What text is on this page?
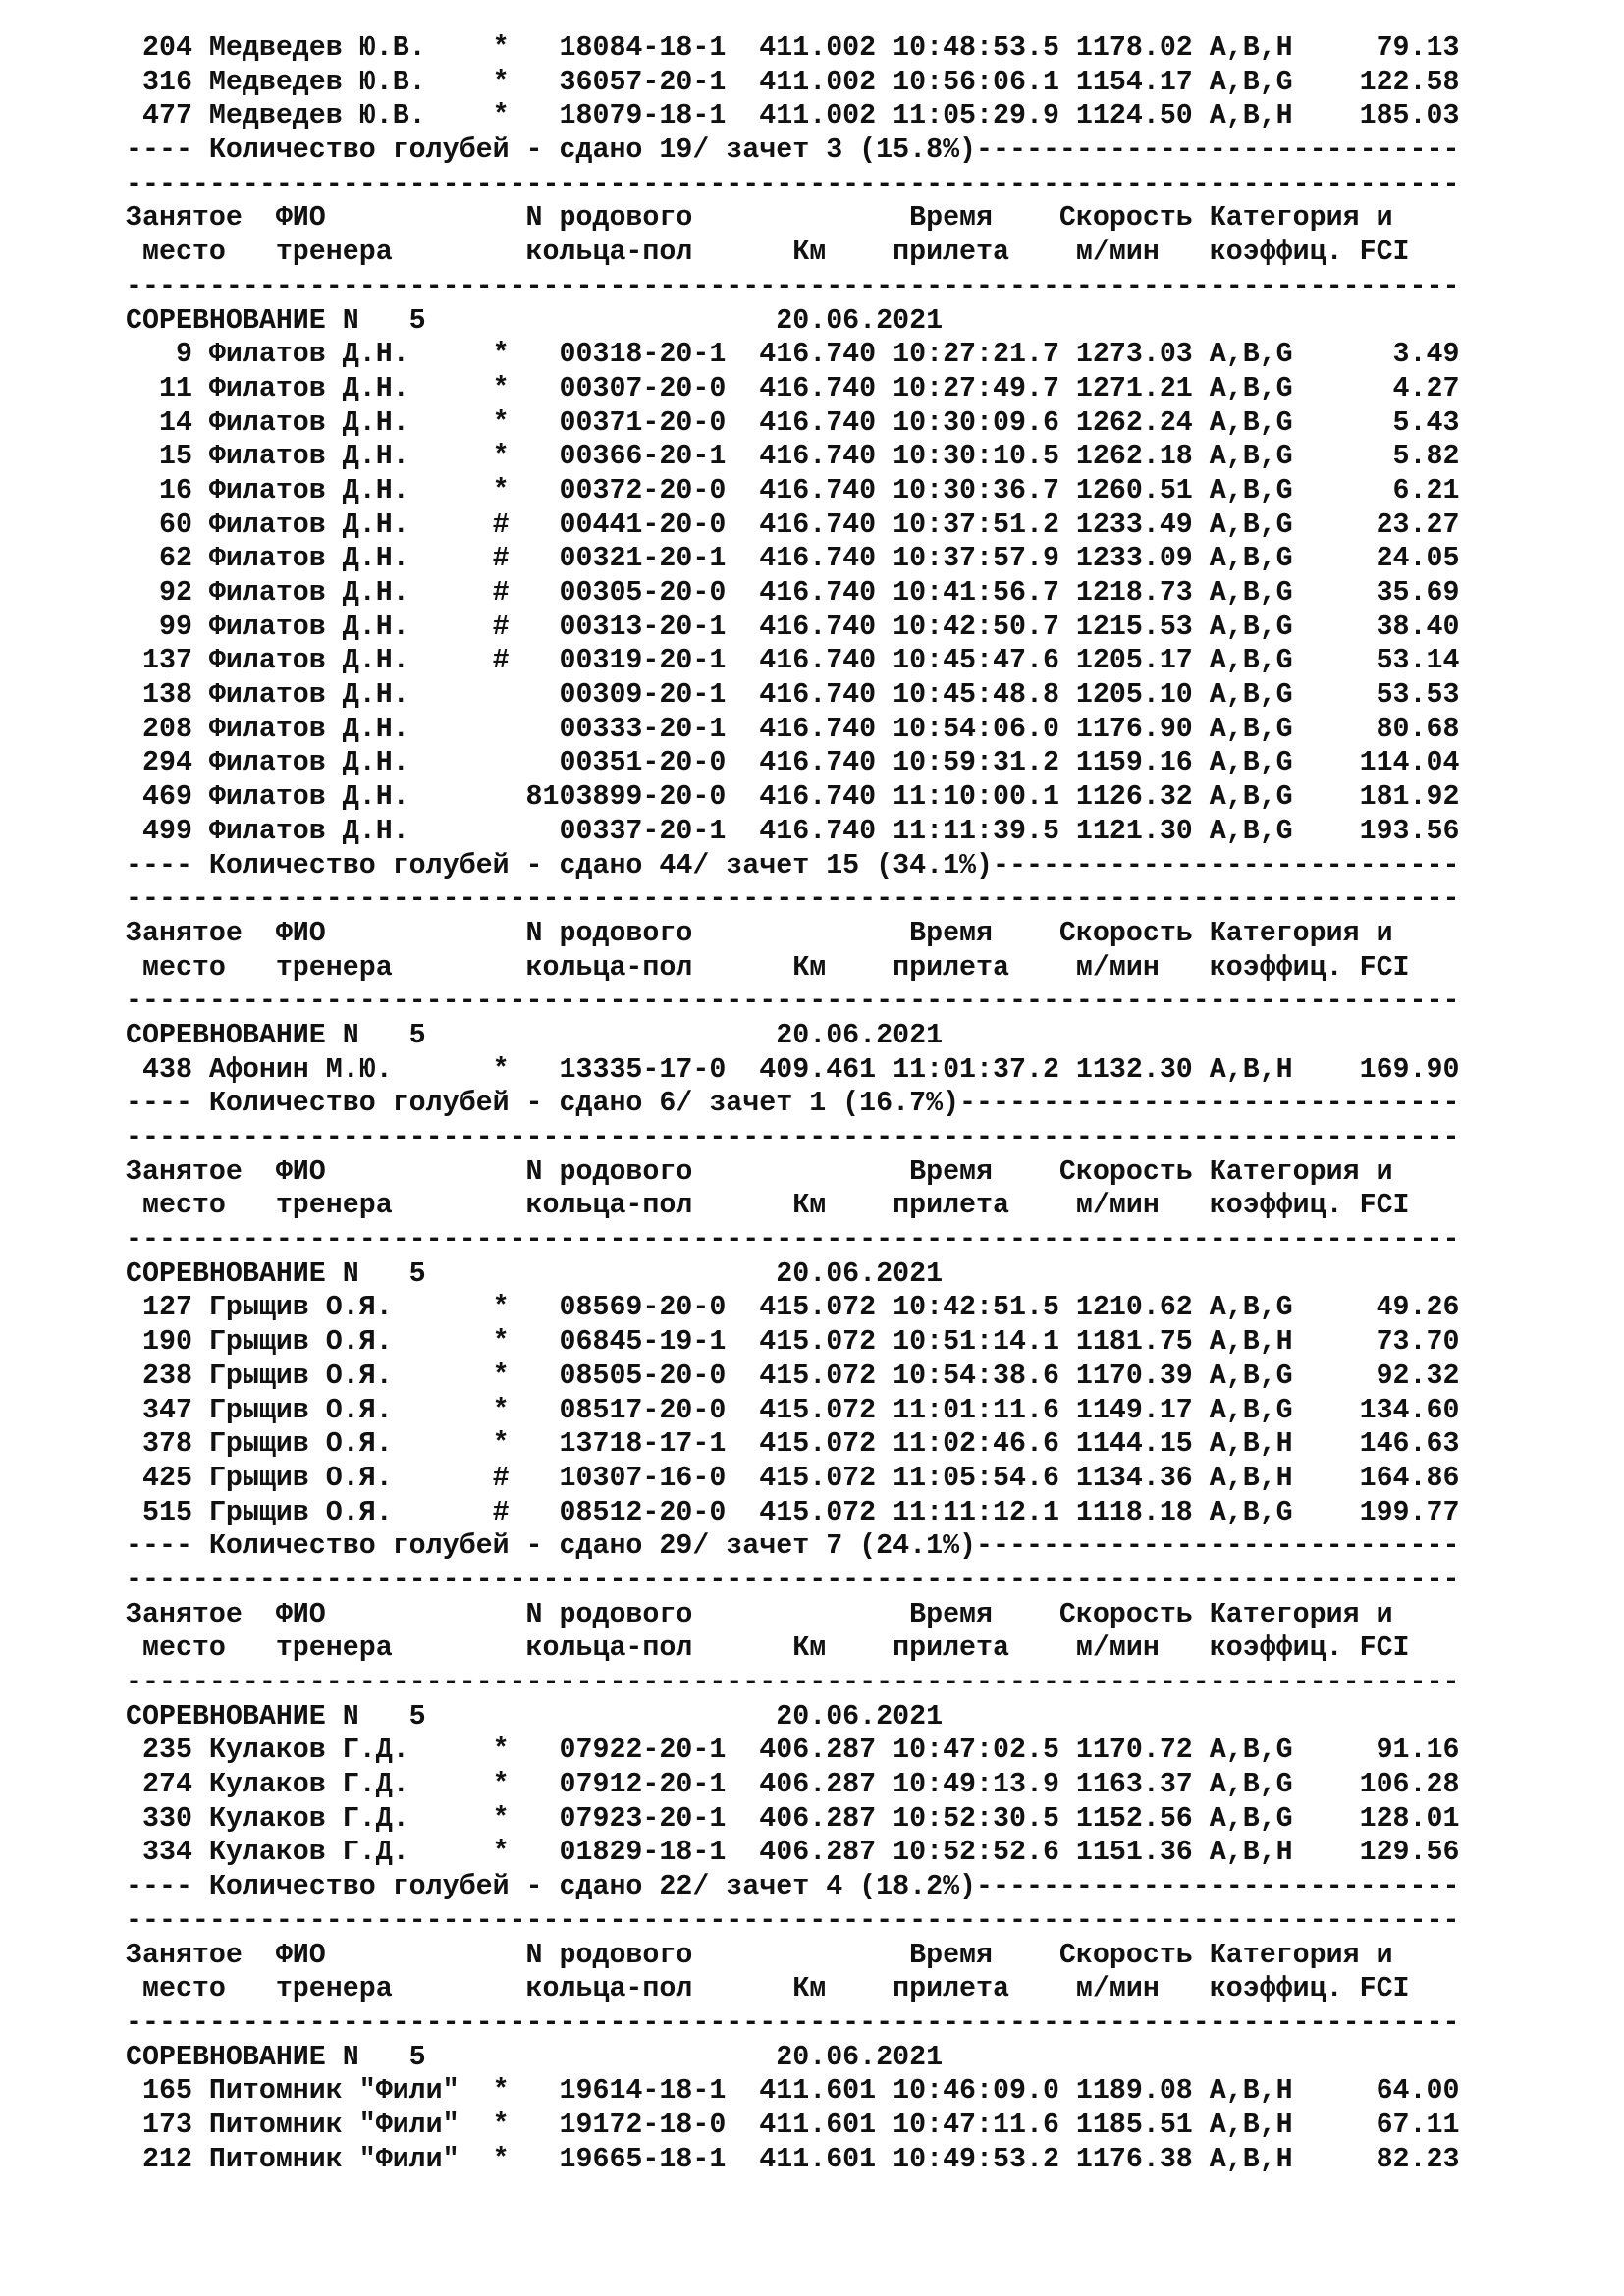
204 Медведев Ю.В.    *   18084-18-1  411.002 10:48:53.5 1178.02 A,B,H     79.13
316 Медведев Ю.В.    *   36057-20-1  411.002 10:56:06.1 1154.17 A,B,G    122.58
477 Медведев Ю.В.    *   18079-18-1  411.002 11:05:29.9 1124.50 A,B,H    185.03
---- Количество голубей - сдано 19/ зачет 3 (15.8%)-----------------------------
--------------------------------------------------------------------------------
Занятое  ФИО            N родового             Время    Скорость Категория и
место   тренера        кольца-пол      Км    прилета    м/мин   коэффиц. FCI
--------------------------------------------------------------------------------
СОРЕВНОВАНИЕ N   5                     20.06.2021
9 Филатов Д.Н.     *   00318-20-1  416.740 10:27:21.7 1273.03 A,B,G      3.49
11 Филатов Д.Н.     *   00307-20-0  416.740 10:27:49.7 1271.21 A,B,G      4.27
14 Филатов Д.Н.     *   00371-20-0  416.740 10:30:09.6 1262.24 A,B,G      5.43
15 Филатов Д.Н.     *   00366-20-1  416.740 10:30:10.5 1262.18 A,B,G      5.82
16 Филатов Д.Н.     *   00372-20-0  416.740 10:30:36.7 1260.51 A,B,G      6.21
60 Филатов Д.Н.     #   00441-20-0  416.740 10:37:51.2 1233.49 A,B,G     23.27
62 Филатов Д.Н.     #   00321-20-1  416.740 10:37:57.9 1233.09 A,B,G     24.05
92 Филатов Д.Н.     #   00305-20-0  416.740 10:41:56.7 1218.73 A,B,G     35.69
99 Филатов Д.Н.     #   00313-20-1  416.740 10:42:50.7 1215.53 A,B,G     38.40
137 Филатов Д.Н.     #   00319-20-1  416.740 10:45:47.6 1205.17 A,B,G     53.14
138 Филатов Д.Н.         00309-20-1  416.740 10:45:48.8 1205.10 A,B,G     53.53
208 Филатов Д.Н.         00333-20-1  416.740 10:54:06.0 1176.90 A,B,G     80.68
294 Филатов Д.Н.         00351-20-0  416.740 10:59:31.2 1159.16 A,B,G    114.04
469 Филатов Д.Н.       8103899-20-0  416.740 11:10:00.1 1126.32 A,B,G    181.92
499 Филатов Д.Н.         00337-20-1  416.740 11:11:39.5 1121.30 A,B,G    193.56
---- Количество голубей - сдано 44/ зачет 15 (34.1%)----------------------------
--------------------------------------------------------------------------------
Занятое  ФИО            N родового             Время    Скорость Категория и
место   тренера        кольца-пол      Км    прилета    м/мин   коэффиц. FCI
--------------------------------------------------------------------------------
СОРЕВНОВАНИЕ N   5                     20.06.2021
438 Афонин М.Ю.      *   13335-17-0  409.461 11:01:37.2 1132.30 A,B,H    169.90
---- Количество голубей - сдано 6/ зачет 1 (16.7%)------------------------------
--------------------------------------------------------------------------------
Занятое  ФИО            N родового             Время    Скорость Категория и
место   тренера        кольца-пол      Км    прилета    м/мин   коэффиц. FCI
--------------------------------------------------------------------------------
СОРЕВНОВАНИЕ N   5                     20.06.2021
127 Грыщив О.Я.      *   08569-20-0  415.072 10:42:51.5 1210.62 A,B,G     49.26
190 Грыщив О.Я.      *   06845-19-1  415.072 10:51:14.1 1181.75 A,B,H     73.70
238 Грыщив О.Я.      *   08505-20-0  415.072 10:54:38.6 1170.39 A,B,G     92.32
347 Грыщив О.Я.      *   08517-20-0  415.072 11:01:11.6 1149.17 A,B,G    134.60
378 Грыщив О.Я.      *   13718-17-1  415.072 11:02:46.6 1144.15 A,B,H    146.63
425 Грыщив О.Я.      #   10307-16-0  415.072 11:05:54.6 1134.36 A,B,H    164.86
515 Грыщив О.Я.      #   08512-20-0  415.072 11:11:12.1 1118.18 A,B,G    199.77
---- Количество голубей - сдано 29/ зачет 7 (24.1%)-----------------------------
--------------------------------------------------------------------------------
Занятое  ФИО            N родового             Время    Скорость Категория и
место   тренера        кольца-пол      Км    прилета    м/мин   коэффиц. FCI
--------------------------------------------------------------------------------
СОРЕВНОВАНИЕ N   5                     20.06.2021
235 Кулаков Г.Д.     *   07922-20-1  406.287 10:47:02.5 1170.72 A,B,G     91.16
274 Кулаков Г.Д.     *   07912-20-1  406.287 10:49:13.9 1163.37 A,B,G    106.28
330 Кулаков Г.Д.     *   07923-20-1  406.287 10:52:30.5 1152.56 A,B,G    128.01
334 Кулаков Г.Д.     *   01829-18-1  406.287 10:52:52.6 1151.36 A,B,H    129.56
---- Количество голубей - сдано 22/ зачет 4 (18.2%)-----------------------------
--------------------------------------------------------------------------------
Занятое  ФИО            N родового             Время    Скорость Категория и
место   тренера        кольца-пол      Км    прилета    м/мин   коэффиц. FCI
--------------------------------------------------------------------------------
СОРЕВНОВАНИЕ N   5                     20.06.2021
165 Питомник "Фили"  *   19614-18-1  411.601 10:46:09.0 1189.08 A,B,H     64.00
173 Питомник "Фили"  *   19172-18-0  411.601 10:47:11.6 1185.51 A,B,H     67.11
212 Питомник "Фили"  *   19665-18-1  411.601 10:49:53.2 1176.38 A,B,H     82.23
